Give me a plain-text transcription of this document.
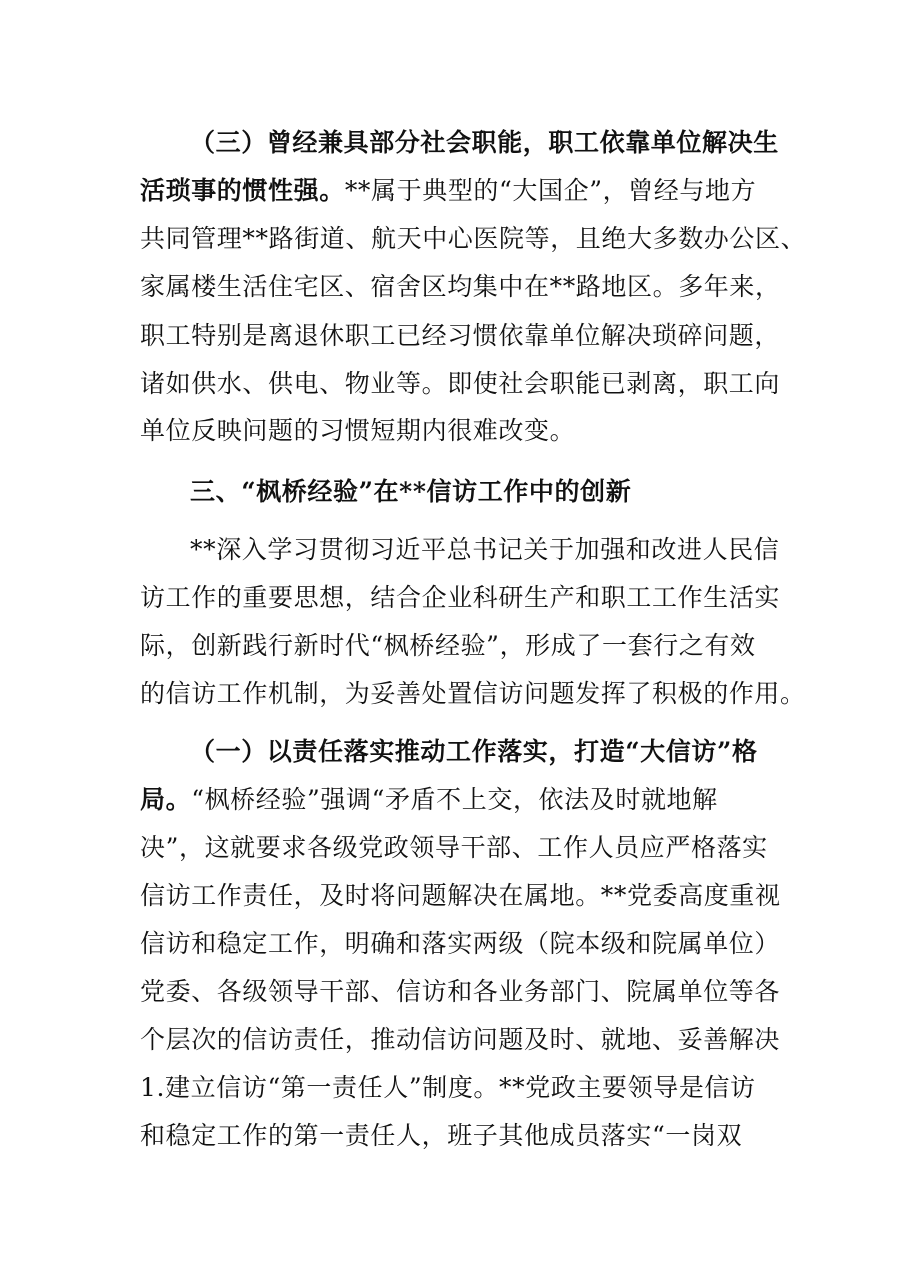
（三）曾经兼具部分社会职能，职工依靠单位解决生
活琐事的惯性强。**属于典型的“大国企”，曾经与地方
共同管理**路街道、航天中心医院等，且绝大多数办公区、
家属楼生活住宅区、宿舍区均集中在**路地区。多年来，
职工特别是离退休职工已经习惯依靠单位解决琐碎问题，
诸如供水、供电、物业等。即使社会职能已剥离，职工向
单位反映问题的习惯短期内很难改变。
三、“枫桥经验”在**信访工作中的创新
**深入学习贯彻习近平总书记关于加强和改进人民信
访工作的重要思想，结合企业科研生产和职工工作生活实
际，创新践行新时代“枫桥经验”，形成了一套行之有效
的信访工作机制，为妥善处置信访问题发挥了积极的作用。
（一）以责任落实推动工作落实，打造“大信访”格
局。“枫桥经验”强调“矛盾不上交，依法及时就地解
决”，这就要求各级党政领导干部、工作人员应严格落实
信访工作责任，及时将问题解决在属地。**党委高度重视
信访和稳定工作，明确和落实两级（院本级和院属单位）
党委、各级领导干部、信访和各业务部门、院属单位等各
个层次的信访责任，推动信访问题及时、就地、妥善解决
1.建立信访“第一责任人”制度。**党政主要领导是信访
和稳定工作的第一责任人，班子其他成员落实“一岗双
